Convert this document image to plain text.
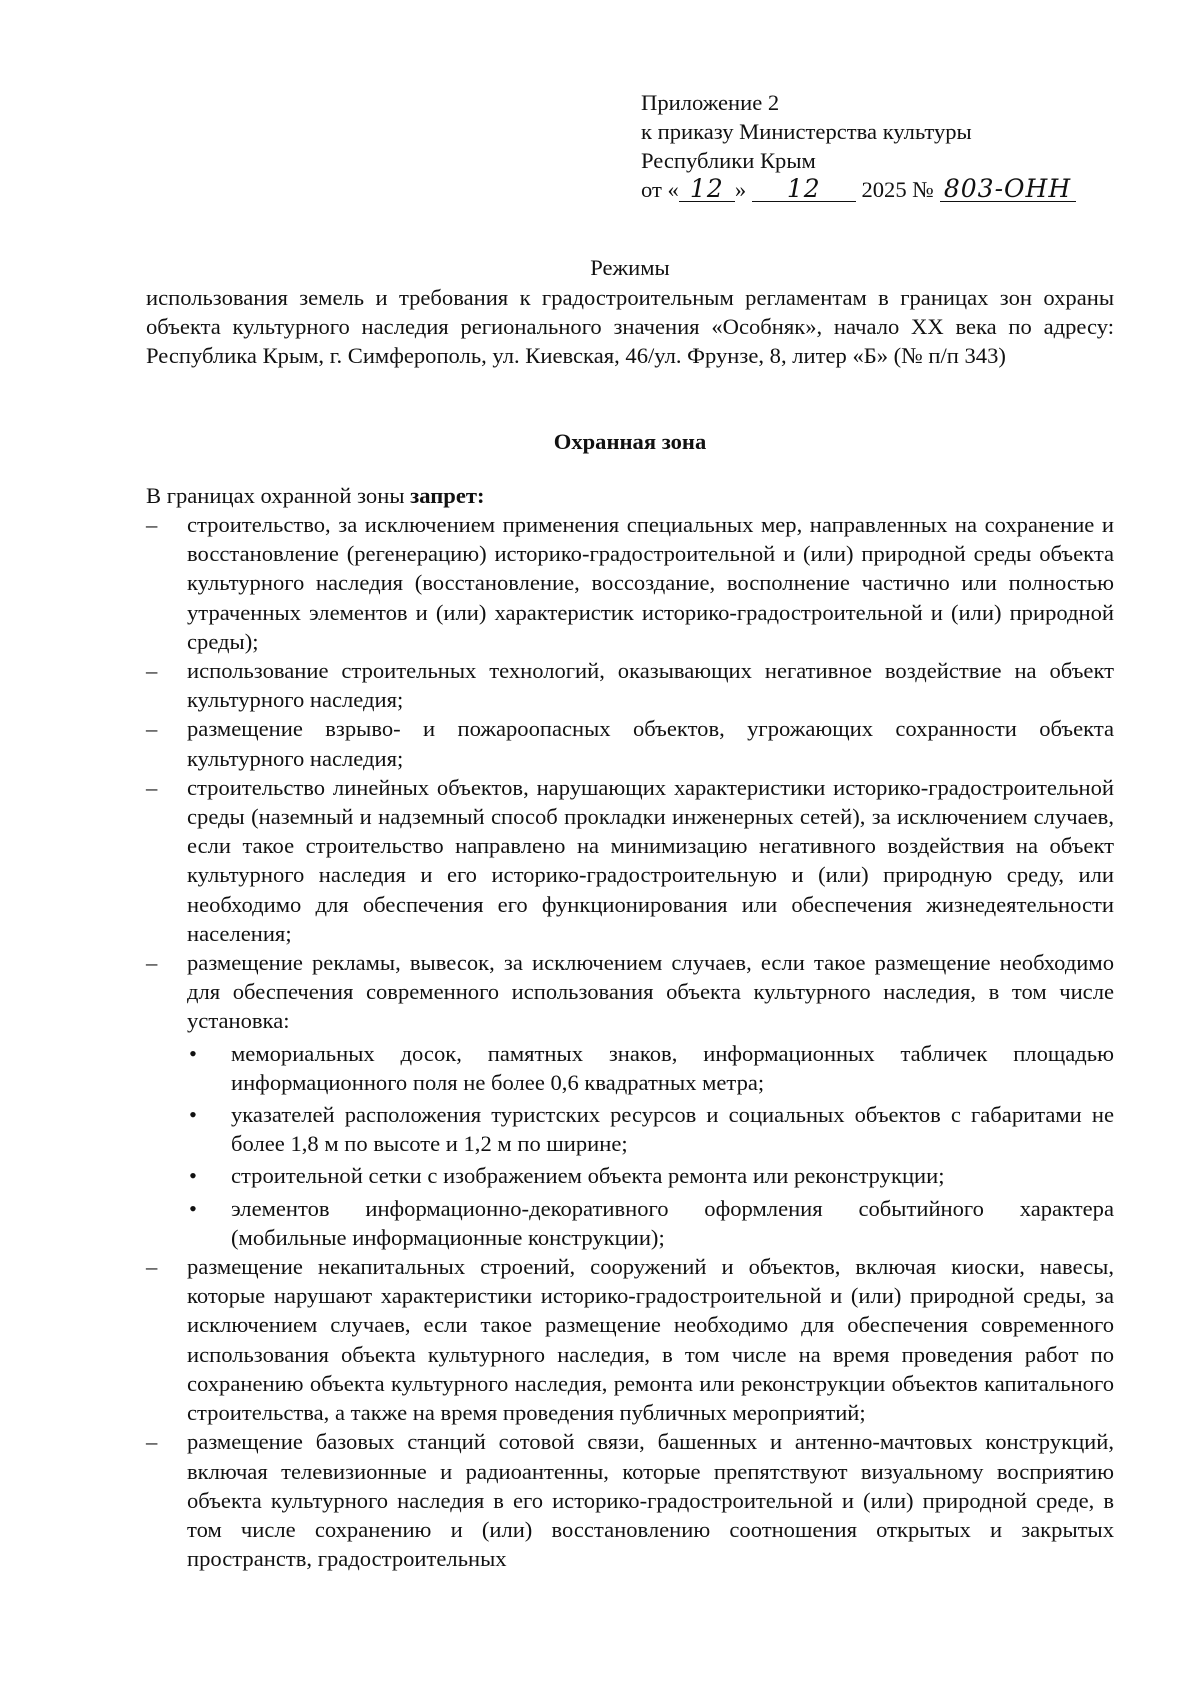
Приложение 2
к приказу Министерства культуры
Республики Крым
от « 12 » 12 2025 № 803-ОНН
Режимы
использования земель и требования к градостроительным регламентам в границах зон охраны объекта культурного наследия регионального значения «Особняк», начало XX века по адресу: Республика Крым, г. Симферополь, ул. Киевская, 46/ул. Фрунзе, 8, литер «Б» (№ п/п 343)
Охранная зона
В границах охранной зоны запрет:
–	строительство, за исключением применения специальных мер, направленных на сохранение и восстановление (регенерацию) историко-градостроительной и (или) природной среды объекта культурного наследия (восстановление, воссоздание, восполнение частично или полностью утраченных элементов и (или) характеристик историко-градостроительной и (или) природной среды);
–	использование строительных технологий, оказывающих негативное воздействие на объект культурного наследия;
–	размещение взрыво- и пожароопасных объектов, угрожающих сохранности объекта культурного наследия;
–	строительство линейных объектов, нарушающих характеристики историко-градостроительной среды (наземный и надземный способ прокладки инженерных сетей), за исключением случаев, если такое строительство направлено на минимизацию негативного воздействия на объект культурного наследия и его историко-градостроительную и (или) природную среду, или необходимо для обеспечения его функционирования или обеспечения жизнедеятельности населения;
–	размещение рекламы, вывесок, за исключением случаев, если такое размещение необходимо для обеспечения современного использования объекта культурного наследия, в том числе установка:
• мемориальных досок, памятных знаков, информационных табличек площадью информационного поля не более 0,6 квадратных метра;
• указателей расположения туристских ресурсов и социальных объектов с габаритами не более 1,8 м по высоте и 1,2 м по ширине;
• строительной сетки с изображением объекта ремонта или реконструкции;
• элементов информационно-декоративного оформления событийного характера (мобильные информационные конструкции);
–	размещение некапитальных строений, сооружений и объектов, включая киоски, навесы, которые нарушают характеристики историко-градостроительной и (или) природной среды, за исключением случаев, если такое размещение необходимо для обеспечения современного использования объекта культурного наследия, в том числе на время проведения работ по сохранению объекта культурного наследия, ремонта или реконструкции объектов капитального строительства, а также на время проведения публичных мероприятий;
–	размещение базовых станций сотовой связи, башенных и антенно-мачтовых конструкций, включая телевизионные и радиоантенны, которые препятствуют визуальному восприятию объекта культурного наследия в его историко-градостроительной и (или) природной среде, в том числе сохранению и (или) восстановлению соотношения открытых и закрытых пространств, градостроительных
